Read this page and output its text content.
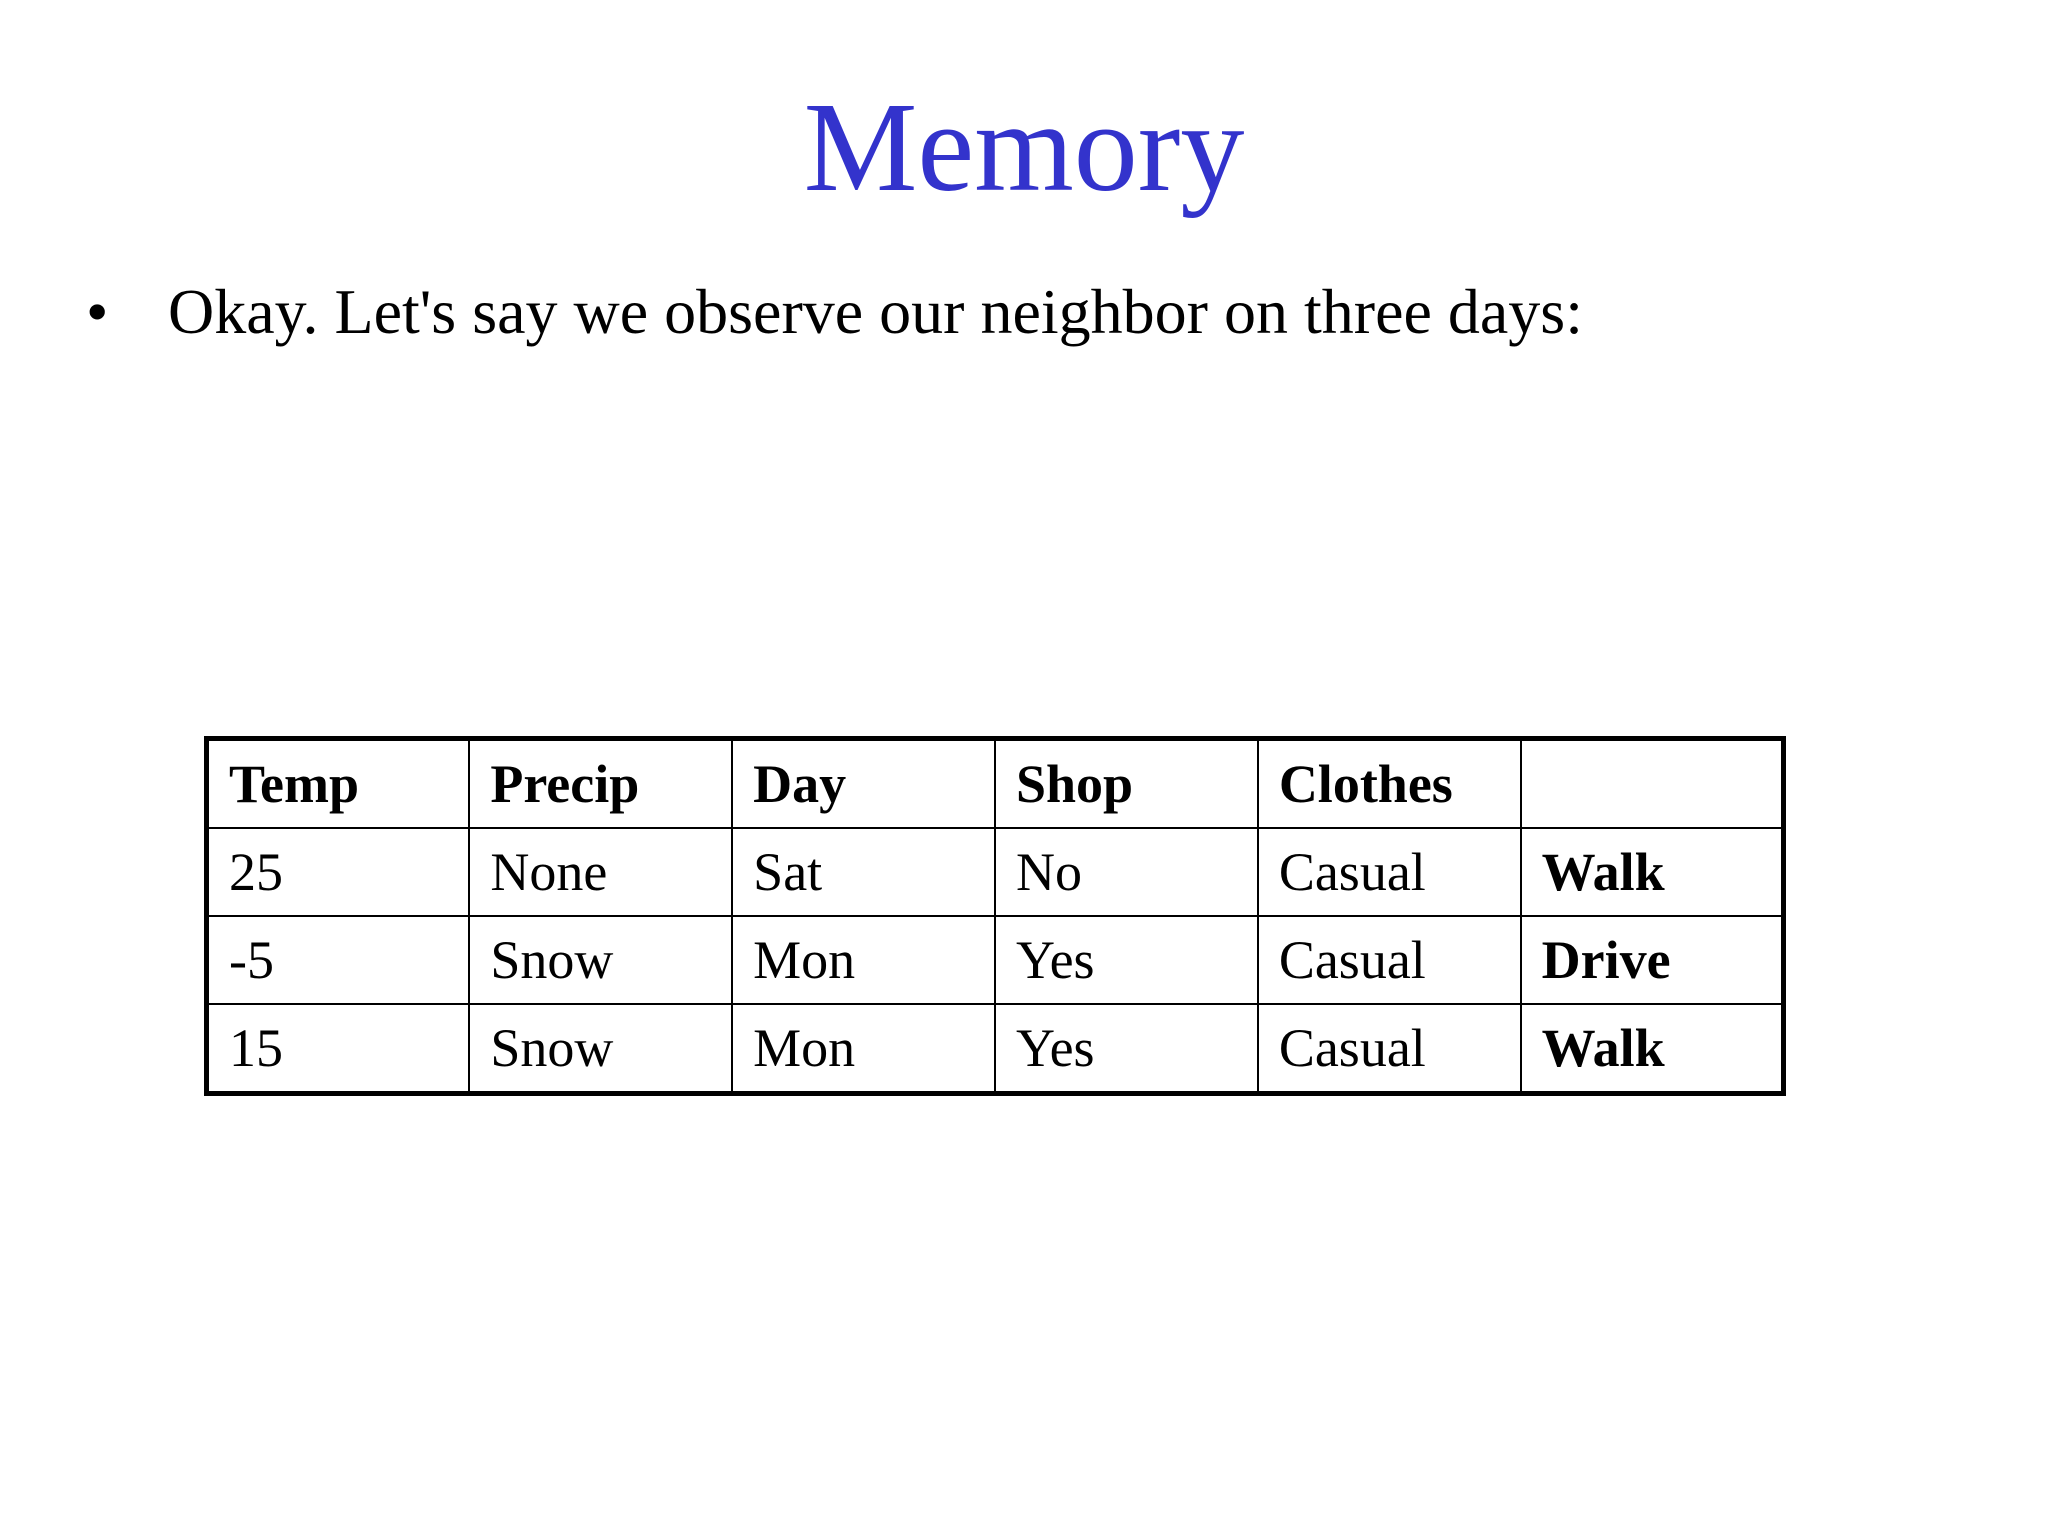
Memory
• Okay. Let's say we observe our neighbor on three days:
Temp	Precip	Day	Shop	Clothes	
25	None	Sat	No	Casual	Walk
-5	Snow	Mon	Yes	Casual	Drive
15	Snow	Mon	Yes	Casual	Walk
